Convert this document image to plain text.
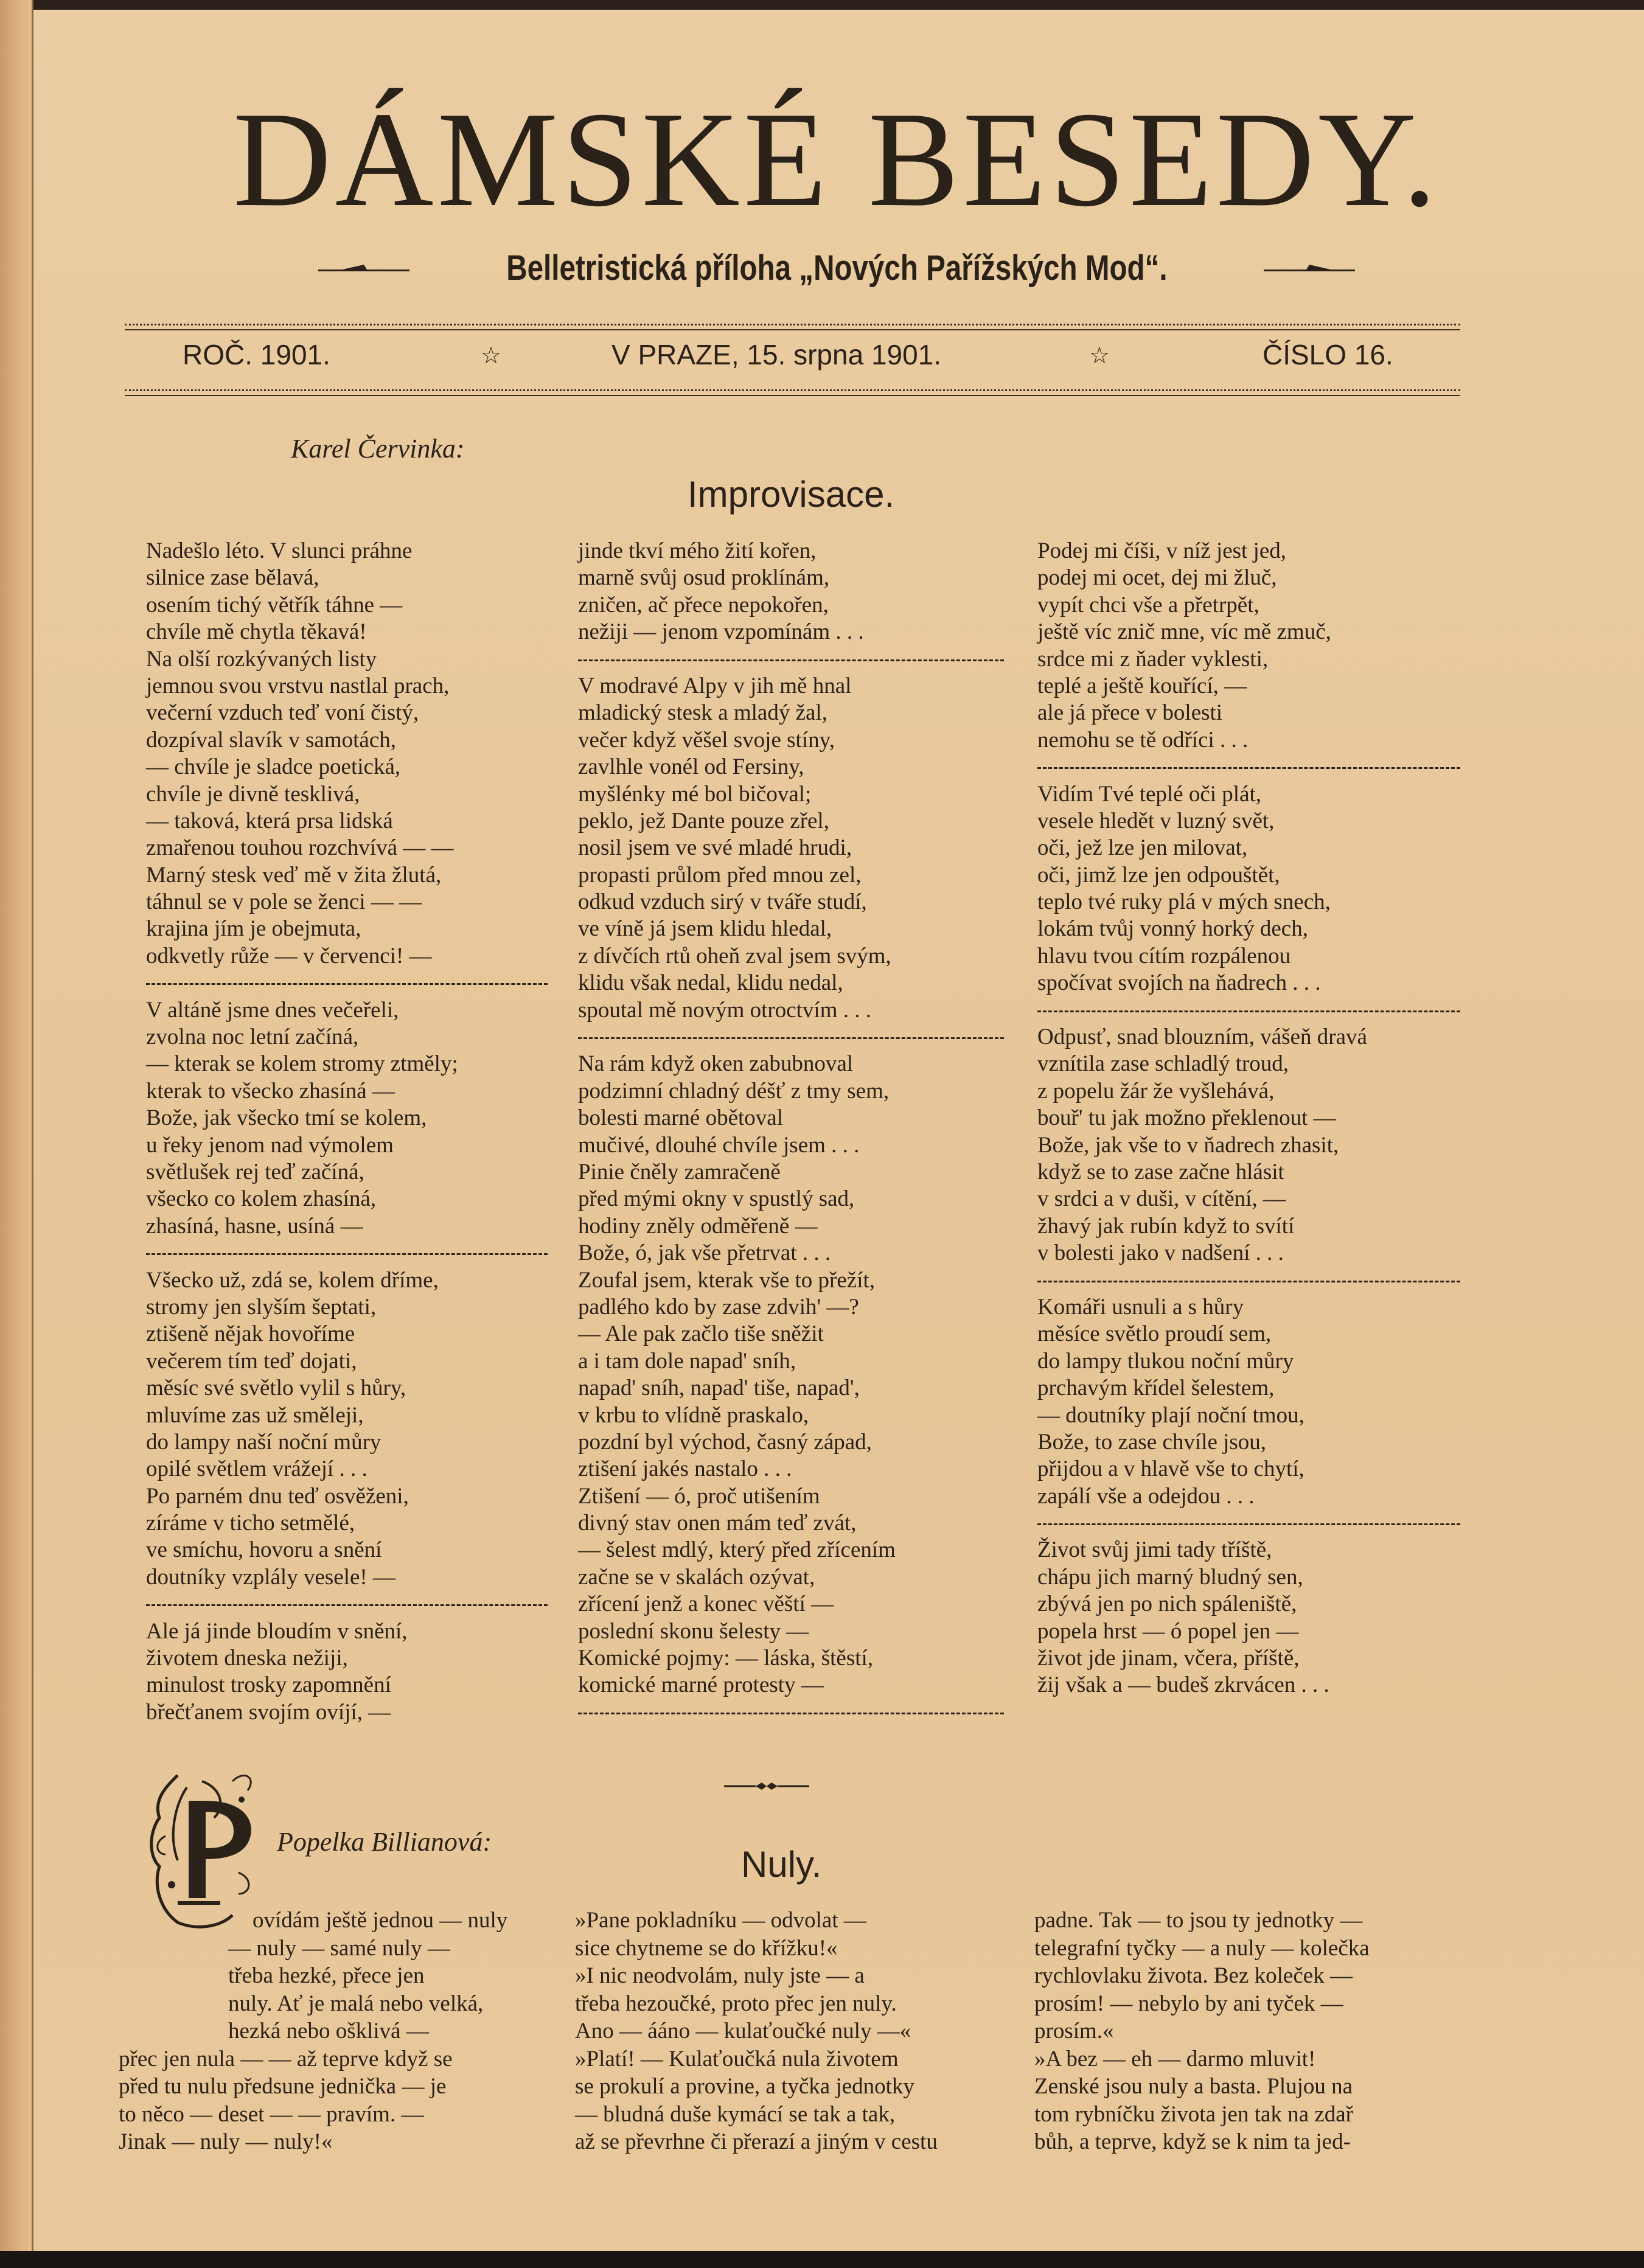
DÁMSKÉ BESEDY.
Belletristická příloha „Nových Pařížských Mod“.
ROČ. 1901.	☆	V PRAZE, 15. srpna 1901.	☆	ČÍSLO 16.
Karel Červinka:
Improvisace.
Nadešlo léto. V slunci práhne
silnice zase bělavá,
osením tichý větřík táhne —
chvíle mě chytla těkavá!
Na olší rozkývaných listy
jemnou svou vrstvu nastlal prach,
večerní vzduch teď voní čistý,
dozpíval slavík v samotách,
— chvíle je sladce poetická,
chvíle je divně tesklivá,
— taková, která prsa lidská
zmařenou touhou rozchvívá — —
Marný stesk veď mě v žita žlutá,
táhnul se v pole se ženci — —
krajina jím je obejmuta,
odkvetly růže — v červenci! —
V altáně jsme dnes večeřeli,
zvolna noc letní začíná,
— kterak se kolem stromy ztměly;
kterak to všecko zhasíná —
Bože, jak všecko tmí se kolem,
u řeky jenom nad výmolem
světlušek rej teď začíná,
všecko co kolem zhasíná,
zhasíná, hasne, usíná —
Všecko už, zdá se, kolem dříme,
stromy jen slyším šeptati,
ztišeně nějak hovoříme
večerem tím teď dojati,
měsíc své světlo vylil s hůry,
mluvíme zas už směleji,
do lampy naší noční můry
opilé světlem vrážejí . . .
Po parném dnu teď osvěženi,
zíráme v ticho setmělé,
ve smíchu, hovoru a snění
doutníky vzplály vesele! —
Ale já jinde bloudím v snění,
životem dneska nežiji,
minulost trosky zapomnění
břečťanem svojím ovíjí, —
jinde tkví mého žití kořen,
marně svůj osud proklínám,
zničen, ač přece nepokořen,
nežiji — jenom vzpomínám . . .
V modravé Alpy v jih mě hnal
mladický stesk a mladý žal,
večer když věšel svoje stíny,
zavlhle vonél od Fersiny,
myšlénky mé bol bičoval;
peklo, jež Dante pouze zřel,
nosil jsem ve své mladé hrudi,
propasti průlom před mnou zel,
odkud vzduch sirý v tváře studí,
ve víně já jsem klidu hledal,
z dívčích rtů oheň zval jsem svým,
klidu však nedal, klidu nedal,
spoutal mě novým otroctvím . . .
Na rám když oken zabubnoval
podzimní chladný déšť z tmy sem,
bolesti marné obětoval
mučivé, dlouhé chvíle jsem . . .
Pinie čněly zamračeně
před mými okny v spustlý sad,
hodiny zněly odměřeně —
Bože, ó, jak vše přetrvat . . .
Zoufal jsem, kterak vše to přežít,
padlého kdo by zase zdvih' —?
— Ale pak začlo tiše sněžit
a i tam dole napad' sníh,
napad' sníh, napad' tiše, napad',
v krbu to vlídně praskalo,
pozdní byl východ, časný západ,
ztišení jakés nastalo . . .
Ztišení — ó, proč utišením
divný stav onen mám teď zvát,
— šelest mdlý, který před zřícením
začne se v skalách ozývat,
zřícení jenž a konec věští —
poslední skonu šelesty —
Komické pojmy: — láska, štěstí,
komické marné protesty —
Podej mi číši, v níž jest jed,
podej mi ocet, dej mi žluč,
vypít chci vše a přetrpět,
ještě víc znič mne, víc mě zmuč,
srdce mi z ňader vyklesti,
teplé a ještě kouřící, —
ale já přece v bolesti
nemohu se tě odříci . . .
Vidím Tvé teplé oči plát,
vesele hledět v luzný svět,
oči, jež lze jen milovat,
oči, jimž lze jen odpouštět,
teplo tvé ruky plá v mých snech,
lokám tvůj vonný horký dech,
hlavu tvou cítím rozpálenou
spočívat svojích na ňadrech . . .
Odpusť, snad blouzním, vášeň dravá
vznítila zase schladlý troud,
z popelu žár že vyšlehává,
bouř' tu jak možno překlenout —
Bože, jak vše to v ňadrech zhasit,
když se to zase začne hlásit
v srdci a v duši, v cítění, —
žhavý jak rubín když to svítí
v bolesti jako v nadšení . . .
Komáři usnuli a s hůry
měsíce světlo proudí sem,
do lampy tlukou noční můry
prchavým křídel šelestem,
— doutníky plají noční tmou,
Bože, to zase chvíle jsou,
přijdou a v hlavě vše to chytí,
zapálí vše a odejdou . . .
Život svůj jimi tady tříště,
chápu jich marný bludný sen,
zbývá jen po nich spáleniště,
popela hrst — ó popel jen —
život jde jinam, včera, příště,
žij však a — budeš zkrvácen . . .
Popelka Billianová:
Nuly.
ovídám ještě jednou — nuly
— nuly — samé nuly —
třeba hezké, přece jen
nuly. Ať je malá nebo velká,
hezká nebo ošklivá —
přec jen nula — — až teprve když se
před tu nulu předsune jednička — je
to něco — deset — — pravím. —
Jinak — nuly — nuly!«
»Pane pokladníku — odvolat —
sice chytneme se do křížku!«
»I nic neodvolám, nuly jste — a
třeba hezoučké, proto přec jen nuly.
Ano — ááno — kulaťoučké nuly —«
»Platí! — Kulaťoučká nula životem
se prokulí a provine, a tyčka jednotky
— bludná duše kymácí se tak a tak,
až se převrhne či přerazí a jiným v cestu
padne. Tak — to jsou ty jednotky —
telegrafní tyčky — a nuly — kolečka
rychlovlaku života. Bez koleček —
prosím! — nebylo by ani tyček —
prosím.«
»A bez — eh — darmo mluvit!
Zenské jsou nuly a basta. Plujou na
tom rybníčku života jen tak na zdař
bůh, a teprve, když se k nim ta jed-
